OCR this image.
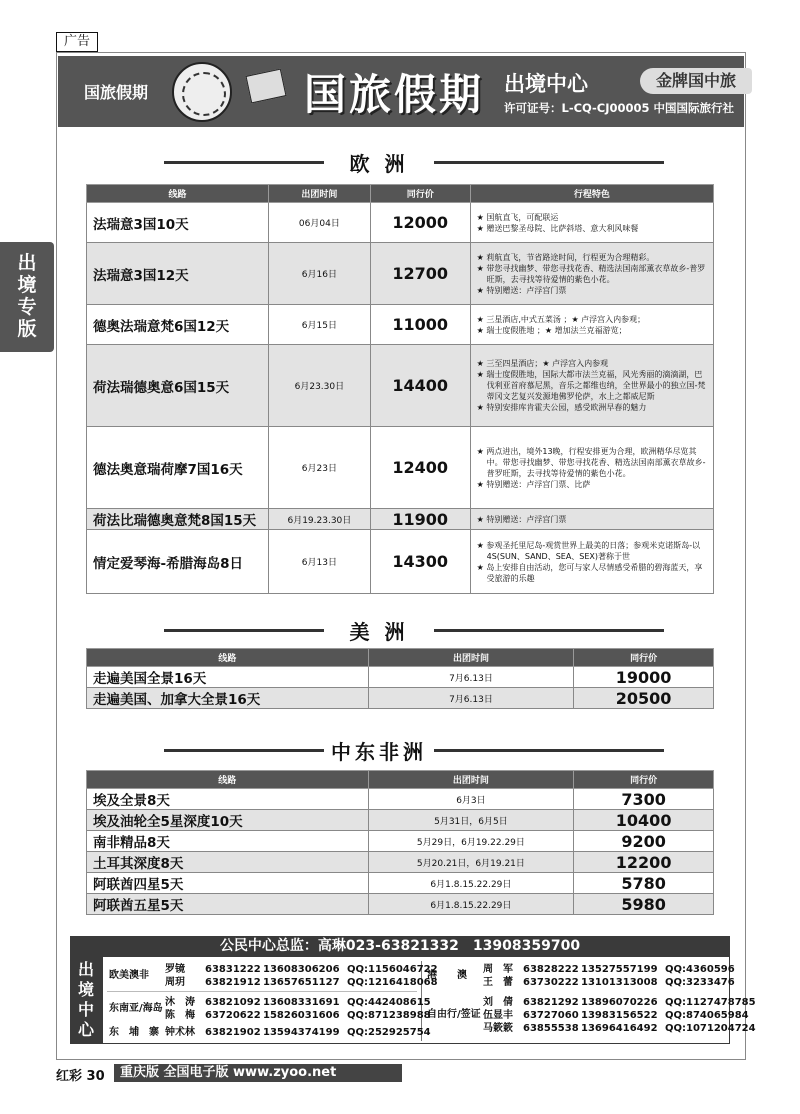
广告
出
境
专
版
国旅假期	国旅假期 出境中心
许可证号：L-CQ-CJ00005 中国国际旅行社
金牌国中旅
欧 洲
线路	出团时间	同行价	行程特色
法瑞意3国10天	06月04日	12000	★ 国航直飞，可配联运
★ 赠送巴黎圣母院、比萨斜塔、意大利风味餐

法瑞意3国12天	6月16日	12700	★ 莉航直飞，节省路途时间，行程更为合理精彩。
★ 带您寻找幽梦、带您寻找花香、精选法国南部薰衣草故乡-普罗旺斯，去寻找等待爱情的紫色小花。
★ 特别赠送：卢浮宫门票

德奥法瑞意梵6国12天	6月15日	11000	★ 三星酒店,中式五菜汤 ；★ 卢浮宫入内参观；
★ 瑞士度假胜地 ；★ 增加法兰克福游览；

荷法瑞德奥意6国15天	6月23.30日	14400	★ 三至四星酒店；★ 卢浮宫入内参观
★ 瑞士度假胜地，国际大都市法兰克福，风光秀丽的滴滴湖，巴伐利亚首府慕尼黑，音乐之都维也纳，全世界最小的独立国-梵蒂冈文艺复兴发源地佛罗伦萨，水上之都威尼斯
★ 特别安排库肯霍夫公园，感受欧洲早春的魅力

德法奥意瑞荷摩7国16天	6月23日	12400	★ 两点进出，境外13晚，行程安排更为合理，欧洲精华尽览其中。带您寻找幽梦、带您寻找花香、精选法国南部薰衣草故乡-普罗旺斯，去寻找等待爱情的紫色小花。
★ 特别赠送：卢浮宫门票、比萨

荷法比瑞德奥意梵8国15天	6月19.23.30日	11900	★ 特别赠送：卢浮宫门票

情定爱琴海-希腊海岛8日	6月13日	14300	★ 参观圣托里尼岛-观赏世界上最美的日落；参观米克诺斯岛-以4S(SUN、SAND、SEA、SEX)著称于世
★ 岛上安排自由活动，您可与家人尽情感受希腊的碧海蓝天，享受旅游的乐趣
美 洲
线路	出团时间	同行价
走遍美国全景16天	7月6.13日	19000
走遍美国、加拿大全景16天	7月6.13日	20500
中东非洲
线路	出团时间	同行价
埃及全景8天	6月3日	7300
埃及油轮全5星深度10天	5月31日，6月5日	10400
南非精品8天	5月29日，6月19.22.29日	9200
土耳其深度8天	5月20.21日，6月19.21日	12200
阿联酋四星5天	6月1.8.15.22.29日	5780
阿联酋五星5天	6月1.8.15.22.29日	5980
公民中心总监：高琳023-63821332　13908359700
出
境
中
心
欧美澳非
罗镜 63831222 13608306206 QQ:1156046722
周玥 63821912 13657651127 QQ:1216418068
东南亚/海岛
沐　涛 63821092 13608331691 QQ:442408615
陈　梅 63720622 15826031606 QQ:871238988
东　埔　寨 钟术林 63821902 13594374199 QQ:252925754
港　　澳
周　军 63828222 13527557199 QQ:4360596
王　蕾 63730222 13101313008 QQ:3233476
自由行/签证
刘　倩 63821292 13896070226 QQ:1127478785
伍显丰 63727060 13983156522 QQ:874065984
马簌簌 63855538 13696416492 QQ:1071204724
红彩 30	重庆版 全国电子版 www.zyoo.net
